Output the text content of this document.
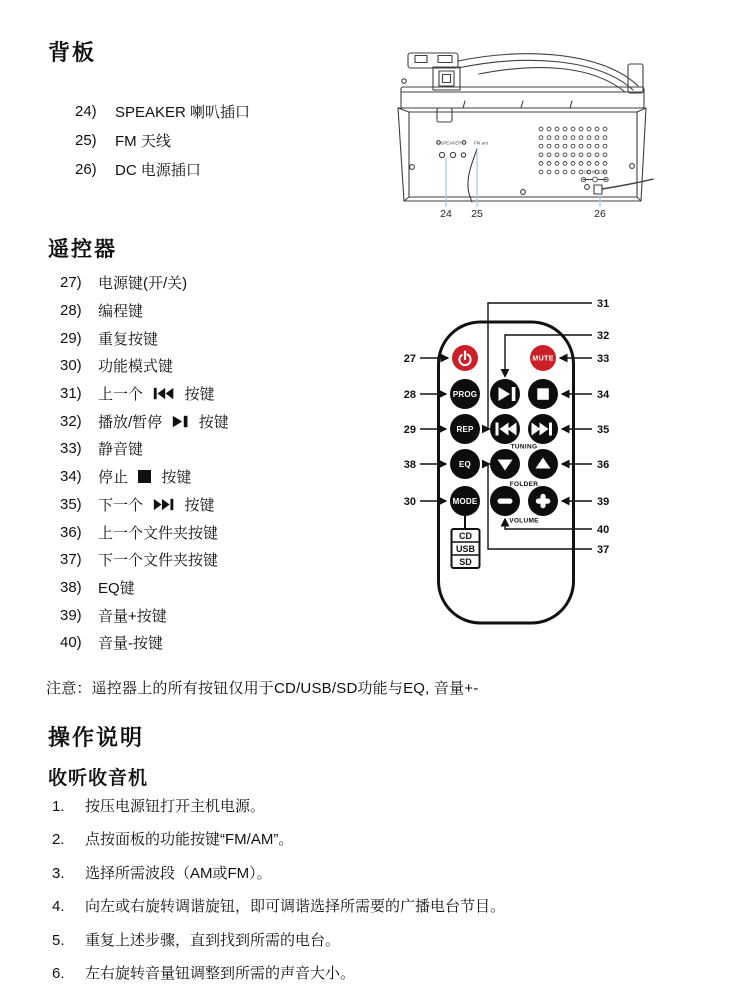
背板
24)	SPEAKER 喇叭插口
25)	FM 天线
26)	DC 电源插口
SPEAKER	FM ant
DC IN 12V
24 25	26
遥控器
27)	电源键(开/关)
28)	编程键
29)	重复按键
30)	功能模式键
31)	上一个  按键
32)	播放/暂停  按键
33)	静音键
34)	停止  按键
35)	下一个  按键
36)	上一个文件夹按键
37)	下一个文件夹按键
38)	EQ键
39)	音量+按键
40)	音量-按键
MUTE
PROG
REP
TUNING
EQ
FOLDER
MODE
VOLUME
CD
USB
SD
27
28
29
38
30
31
32
33
34
35
36
39
40
37
注意：遥控器上的所有按钮仅用于CD/USB/SD功能与EQ, 音量+-
操作说明
收听收音机
1.	按压电源钮打开主机电源。
2.	点按面板的功能按键“FM/AM”。
3.	选择所需波段（AM或FM）。
4.	向左或右旋转调谐旋钮，即可调谐选择所需要的广播电台节目。
5.	重复上述步骤，直到找到所需的电台。
6.	左右旋转音量钮调整到所需的声音大小。
